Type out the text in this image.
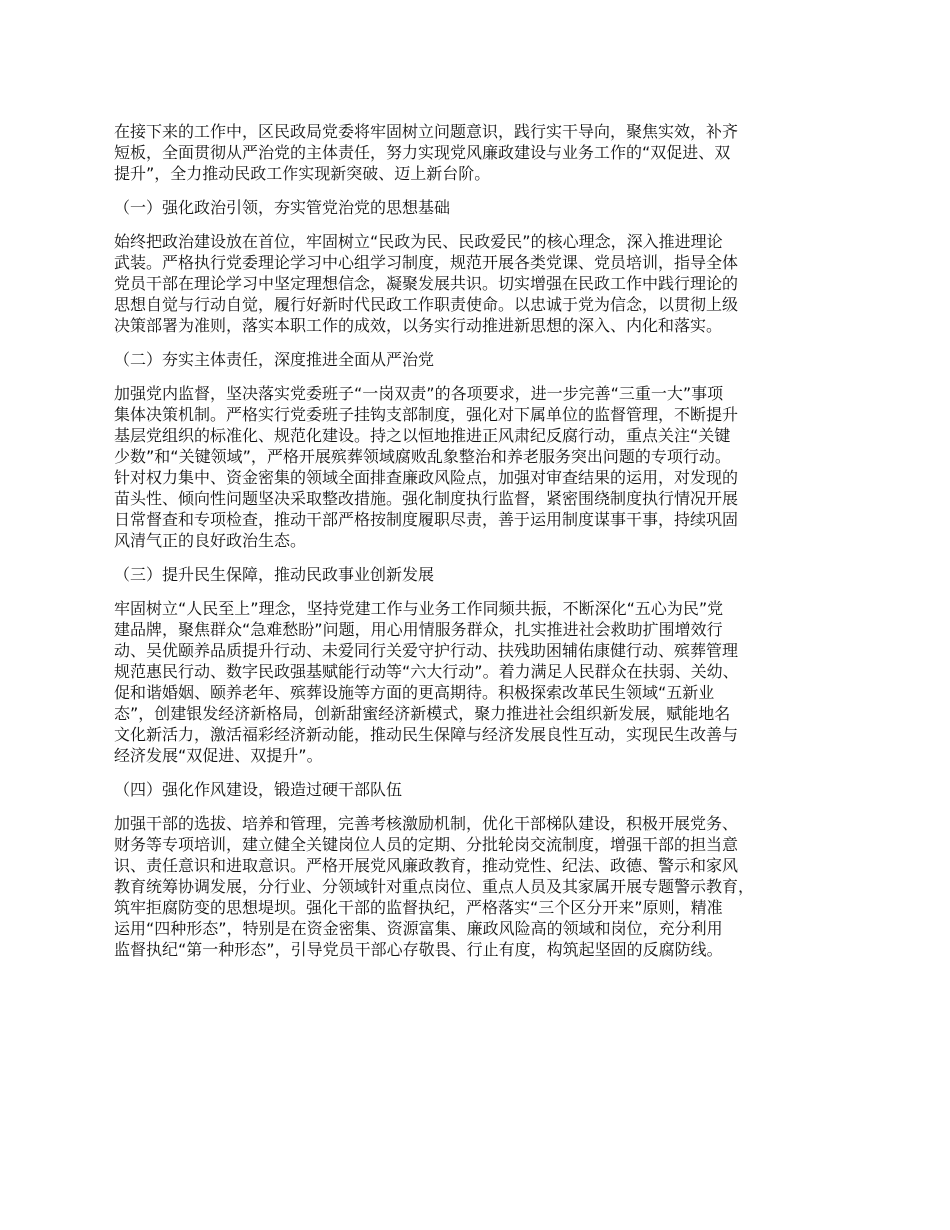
在接下来的工作中，区民政局党委将牢固树立问题意识，践行实干导向，聚焦实效，补齐
短板，全面贯彻从严治党的主体责任，努力实现党风廉政建设与业务工作的“双促进、双
提升”，全力推动民政工作实现新突破、迈上新台阶。

（一）强化政治引领，夯实管党治党的思想基础

始终把政治建设放在首位，牢固树立“民政为民、民政爱民”的核心理念，深入推进理论
武装。严格执行党委理论学习中心组学习制度，规范开展各类党课、党员培训，指导全体
党员干部在理论学习中坚定理想信念，凝聚发展共识。切实增强在民政工作中践行理论的
思想自觉与行动自觉，履行好新时代民政工作职责使命。以忠诚于党为信念，以贯彻上级
决策部署为准则，落实本职工作的成效，以务实行动推进新思想的深入、内化和落实。

（二）夯实主体责任，深度推进全面从严治党

加强党内监督，坚决落实党委班子“一岗双责”的各项要求，进一步完善“三重一大”事项
集体决策机制。严格实行党委班子挂钩支部制度，强化对下属单位的监督管理，不断提升
基层党组织的标准化、规范化建设。持之以恒地推进正风肃纪反腐行动，重点关注“关键
少数”和“关键领域”，严格开展殡葬领域腐败乱象整治和养老服务突出问题的专项行动。
针对权力集中、资金密集的领域全面排查廉政风险点，加强对审查结果的运用，对发现的
苗头性、倾向性问题坚决采取整改措施。强化制度执行监督，紧密围绕制度执行情况开展
日常督查和专项检查，推动干部严格按制度履职尽责，善于运用制度谋事干事，持续巩固
风清气正的良好政治生态。

（三）提升民生保障，推动民政事业创新发展

牢固树立“人民至上”理念，坚持党建工作与业务工作同频共振，不断深化“五心为民”党
建品牌，聚焦群众“急难愁盼”问题，用心用情服务群众，扎实推进社会救助扩围增效行
动、吴优颐养品质提升行动、未爱同行关爱守护行动、扶残助困辅佑康健行动、殡葬管理
规范惠民行动、数字民政强基赋能行动等“六大行动”。着力满足人民群众在扶弱、关幼、
促和谐婚姻、颐养老年、殡葬设施等方面的更高期待。积极探索改革民生领域“五新业
态”，创建银发经济新格局，创新甜蜜经济新模式，聚力推进社会组织新发展，赋能地名
文化新活力，激活福彩经济新动能，推动民生保障与经济发展良性互动，实现民生改善与
经济发展“双促进、双提升”。

（四）强化作风建设，锻造过硬干部队伍

加强干部的选拔、培养和管理，完善考核激励机制，优化干部梯队建设，积极开展党务、
财务等专项培训，建立健全关键岗位人员的定期、分批轮岗交流制度，增强干部的担当意
识、责任意识和进取意识。严格开展党风廉政教育，推动党性、纪法、政德、警示和家风
教育统筹协调发展，分行业、分领域针对重点岗位、重点人员及其家属开展专题警示教育，
筑牢拒腐防变的思想堤坝。强化干部的监督执纪，严格落实“三个区分开来”原则，精准
运用“四种形态”，特别是在资金密集、资源富集、廉政风险高的领域和岗位，充分利用
监督执纪“第一种形态”，引导党员干部心存敬畏、行止有度，构筑起坚固的反腐防线。
